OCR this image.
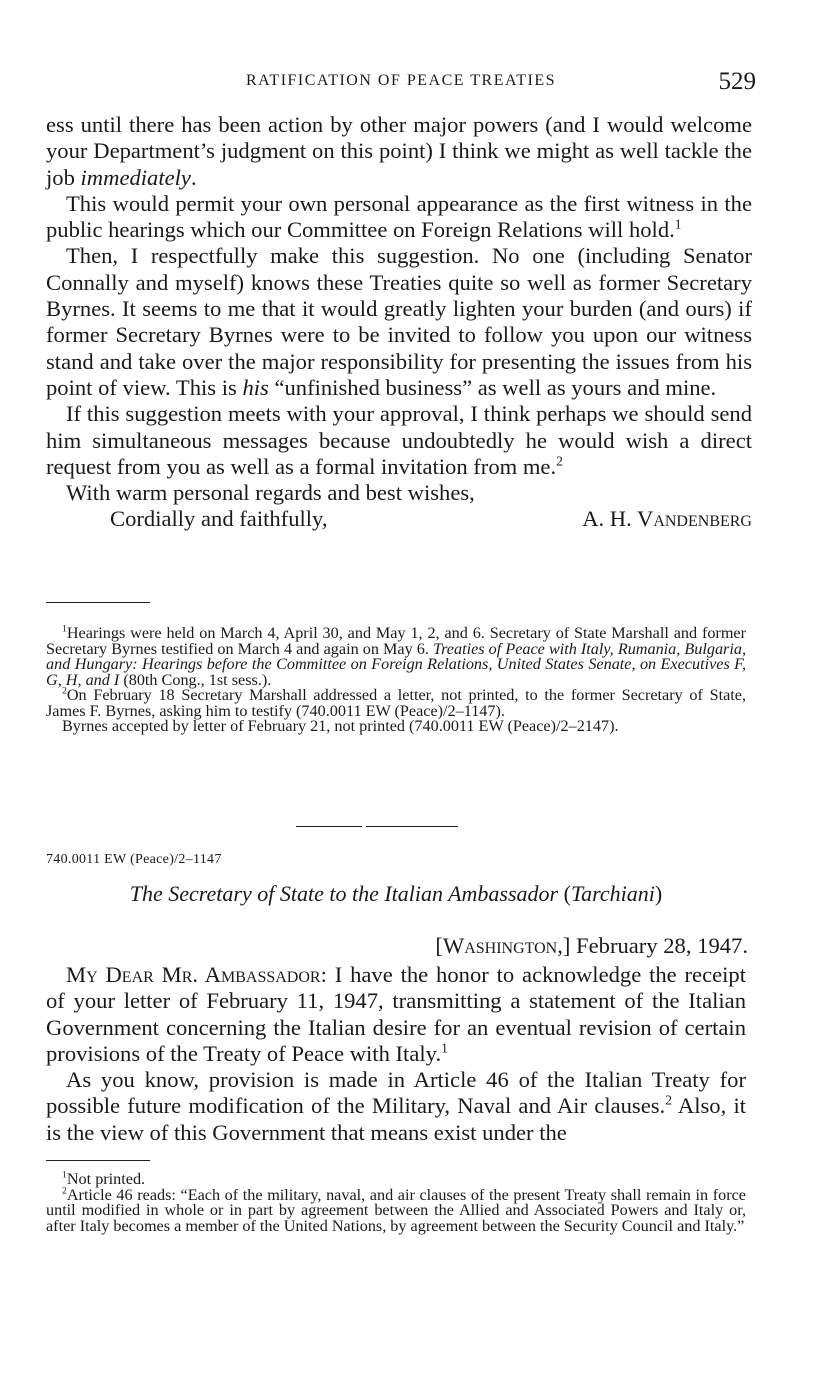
RATIFICATION OF PEACE TREATIES	529

ess until there has been action by other major powers (and I would welcome your Department’s judgment on this point) I think we might as well tackle the job immediately.

This would permit your own personal appearance as the first witness in the public hearings which our Committee on Foreign Relations will hold.$^1$

Then, I respectfully make this suggestion. No one (including Senator Connally and myself) knows these Treaties quite so well as former Secretary Byrnes. It seems to me that it would greatly lighten your burden (and ours) if former Secretary Byrnes were to be invited to follow you upon our witness stand and take over the major responsibility for presenting the issues from his point of view. This is his “unfinished business” as well as yours and mine.

If this suggestion meets with your approval, I think perhaps we should send him simultaneous messages because undoubtedly he would wish a direct request from you as well as a formal invitation from me.$^2$

With warm personal regards and best wishes,
Cordially and faithfully,	A. H. Vandenberg

$^1$Hearings were held on March 4, April 30, and May 1, 2, and 6. Secretary of State Marshall and former Secretary Byrnes testified on March 4 and again on May 6. Treaties of Peace with Italy, Rumania, Bulgaria, and Hungary: Hearings before the Committee on Foreign Relations, United States Senate, on Executives F, G, H, and I (80th Cong., 1st sess.).

$^2$On February 18 Secretary Marshall addressed a letter, not printed, to the former Secretary of State, James F. Byrnes, asking him to testify (740.0011 EW (Peace)/2–1147).

Byrnes accepted by letter of February 21, not printed (740.0011 EW (Peace)/2–2147).

740.0011 EW (Peace)/2–1147
The Secretary of State to the Italian Ambassador (Tarchiani)
[Washington,] February 28, 1947.

My Dear Mr. Ambassador: I have the honor to acknowledge the receipt of your letter of February 11, 1947, transmitting a statement of the Italian Government concerning the Italian desire for an eventual revision of certain provisions of the Treaty of Peace with Italy.$^1$

As you know, provision is made in Article 46 of the Italian Treaty for possible future modification of the Military, Naval and Air clauses.$^2$ Also, it is the view of this Government that means exist under the

$^1$Not printed.

$^2$Article 46 reads: “Each of the military, naval, and air clauses of the present Treaty shall remain in force until modified in whole or in part by agreement between the Allied and Associated Powers and Italy or, after Italy becomes a member of the United Nations, by agreement between the Security Council and Italy.”
